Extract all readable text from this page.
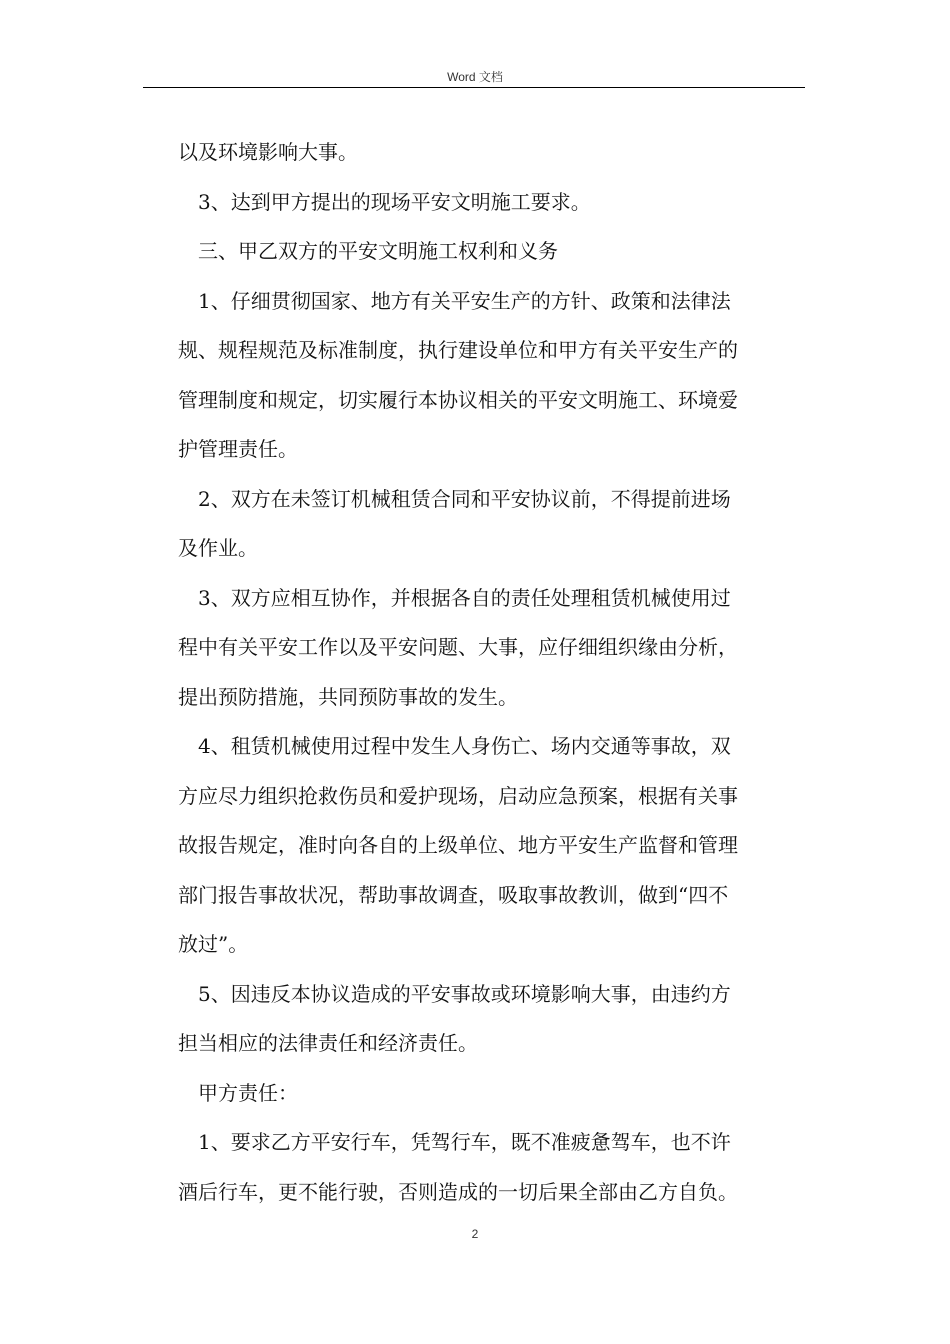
Word 文档

以及环境影响大事。

3、达到甲方提出的现场平安文明施工要求。

三、甲乙双方的平安文明施工权利和义务

1、仔细贯彻国家、地方有关平安生产的方针、政策和法律法

规、规程规范及标准制度，执行建设单位和甲方有关平安生产的

管理制度和规定，切实履行本协议相关的平安文明施工、环境爱

护管理责任。

2、双方在未签订机械租赁合同和平安协议前，不得提前进场

及作业。

3、双方应相互协作，并根据各自的责任处理租赁机械使用过

程中有关平安工作以及平安问题、大事，应仔细组织缘由分析，

提出预防措施，共同预防事故的发生。

4、租赁机械使用过程中发生人身伤亡、场内交通等事故，双

方应尽力组织抢救伤员和爱护现场，启动应急预案，根据有关事

故报告规定，准时向各自的上级单位、地方平安生产监督和管理

部门报告事故状况，帮助事故调查，吸取事故教训，做到“四不

放过”。

5、因违反本协议造成的平安事故或环境影响大事，由违约方

担当相应的法律责任和经济责任。

甲方责任：

1、要求乙方平安行车，凭驾行车，既不准疲惫驾车，也不许

酒后行车，更不能行驶，否则造成的一切后果全部由乙方自负。

2
